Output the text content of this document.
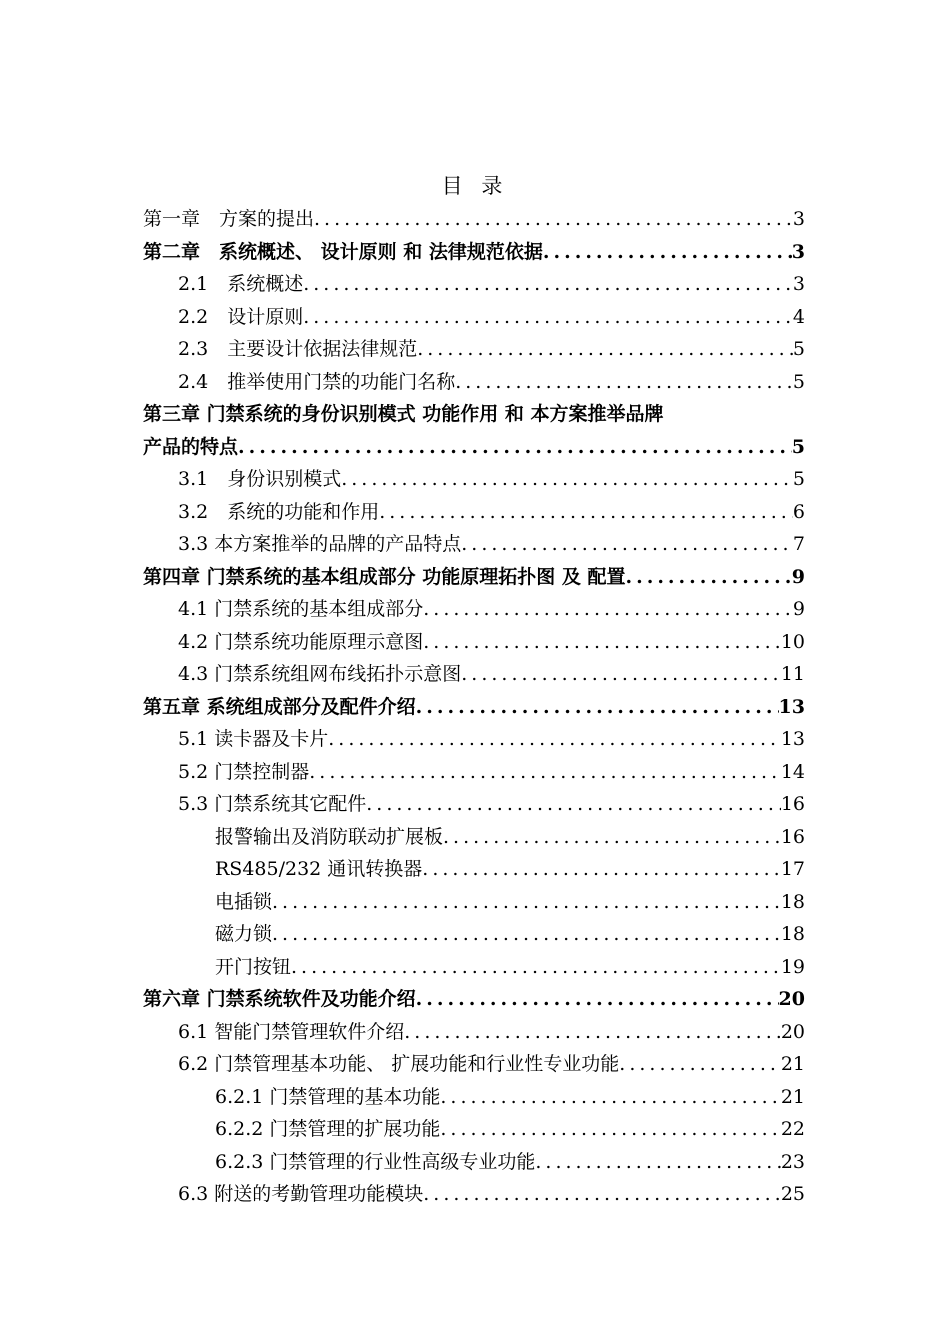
目 录
第一章　方案的提出 .....	3
第二章　系统概述、 设计原则 和 法律规范依据 .....	3
2.1　系统概述 .....	3
2.2　设计原则 .....	4
2.3　主要设计依据法律规范 .....	5
2.4　推举使用门禁的功能门名称 .....	5
第三章 门禁系统的身份识别模式 功能作用 和 本方案推举品牌
产品的特点 .....	5
3.1　身份识别模式 .....	5
3.2　系统的功能和作用 .....	6
3.3 本方案推举的品牌的产品特点 .....	7
第四章 门禁系统的基本组成部分 功能原理拓扑图 及 配置 .....	9
4.1 门禁系统的基本组成部分 .....	9
4.2 门禁系统功能原理示意图 .....	10
4.3 门禁系统组网布线拓扑示意图 .....	11
第五章 系统组成部分及配件介绍 .....	13
5.1 读卡器及卡片 .....	13
5.2 门禁控制器 .....	14
5.3 门禁系统其它配件 .....	16
报警输出及消防联动扩展板 .....	16
RS485/232 通讯转换器 .....	17
电插锁 .....	18
磁力锁 .....	18
开门按钮 .....	19
第六章 门禁系统软件及功能介绍 .....	20
6.1 智能门禁管理软件介绍 .....	20
6.2 门禁管理基本功能、 扩展功能和行业性专业功能 .....	21
6.2.1 门禁管理的基本功能 .....	21
6.2.2 门禁管理的扩展功能 .....	22
6.2.3 门禁管理的行业性高级专业功能 .....	23
6.3 附送的考勤管理功能模块 .....	25
